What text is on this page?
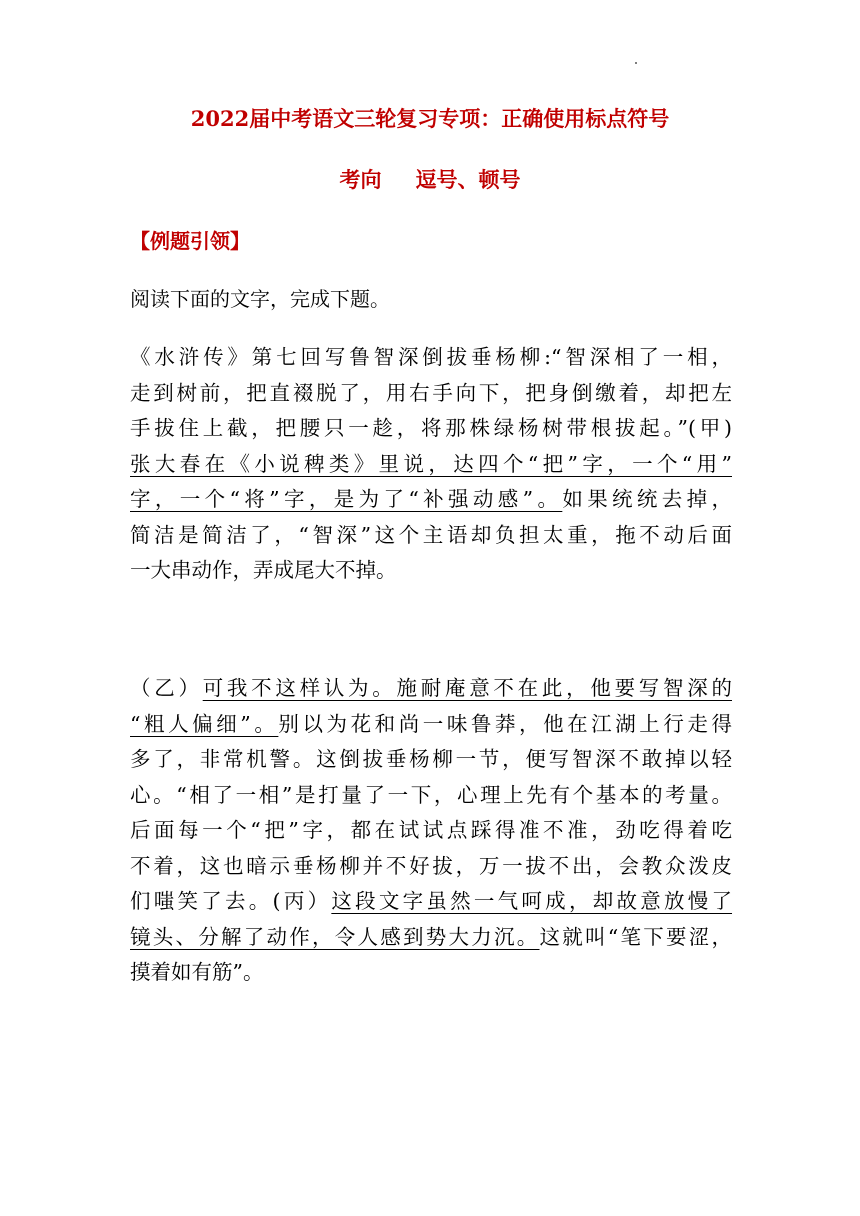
2022届中考语文三轮复习专项：正确使用标点符号
考向 逗号、顿号
【例题引领】
阅读下面的文字，完成下题。
《水浒传》第七回写鲁智深倒拔垂杨柳:“智深相了一相，
走到树前，把直裰脱了，用右手向下，把身倒缴着，却把左
手拔住上截，把腰只一趁，将那株绿杨树带根拔起。”(甲)
张大春在《小说稗类》里说，达四个“把”字，一个“用”
字，一个“将”字，是为了“补强动感”。如果统统去掉，
简洁是简洁了，“智深”这个主语却负担太重，拖不动后面
一大串动作，弄成尾大不掉。
（乙）可我不这样认为。施耐庵意不在此，他要写智深的
“粗人偏细”。别以为花和尚一味鲁莽，他在江湖上行走得
多了，非常机警。这倒拔垂杨柳一节，便写智深不敢掉以轻
心。“相了一相”是打量了一下，心理上先有个基本的考量。
后面每一个“把”字，都在试试点踩得准不准，劲吃得着吃
不着，这也暗示垂杨柳并不好拔，万一拔不出，会教众泼皮
们嗤笑了去。(丙）这段文字虽然一气呵成，却故意放慢了
镜头、分解了动作，令人感到势大力沉。这就叫“笔下要涩，
摸着如有筋”。
